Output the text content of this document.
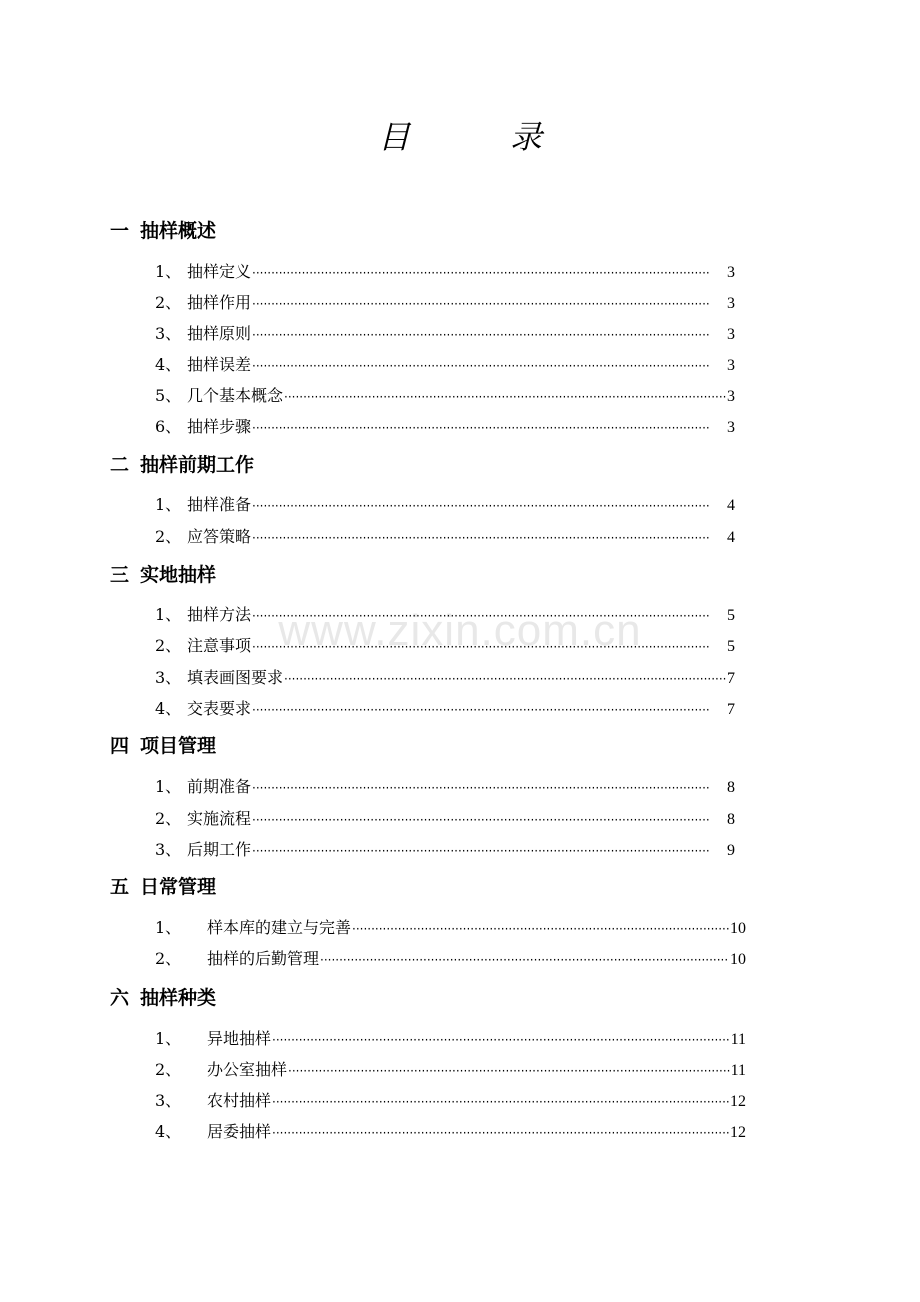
目	录
www.zixin.com.cn
一 抽样概述
1、 抽样定义 ·····	3
2、 抽样作用 ·····	3
3、 抽样原则 ·····	3
4、 抽样误差 ·····	3
5、 几个基本概念 ·····	3
6、 抽样步骤 ·····	3
二 抽样前期工作
1、 抽样准备 ·····	4
2、 应答策略 ·····	4
三 实地抽样
1、 抽样方法 ·····	5
2、 注意事项 ·····	5
3、 填表画图要求 ·····	7
4、 交表要求 ·····	7
四 项目管理
1、 前期准备 ·····	8
2、 实施流程 ·····	8
3、 后期工作 ·····	9
五 日常管理
1、	样本库的建立与完善 ·····	10
2、	抽样的后勤管理 ·····	10
六 抽样种类
1、	异地抽样 ·····	11
2、	办公室抽样 ·····	11
3、	农村抽样 ·····	12
4、	居委抽样 ·····	12
